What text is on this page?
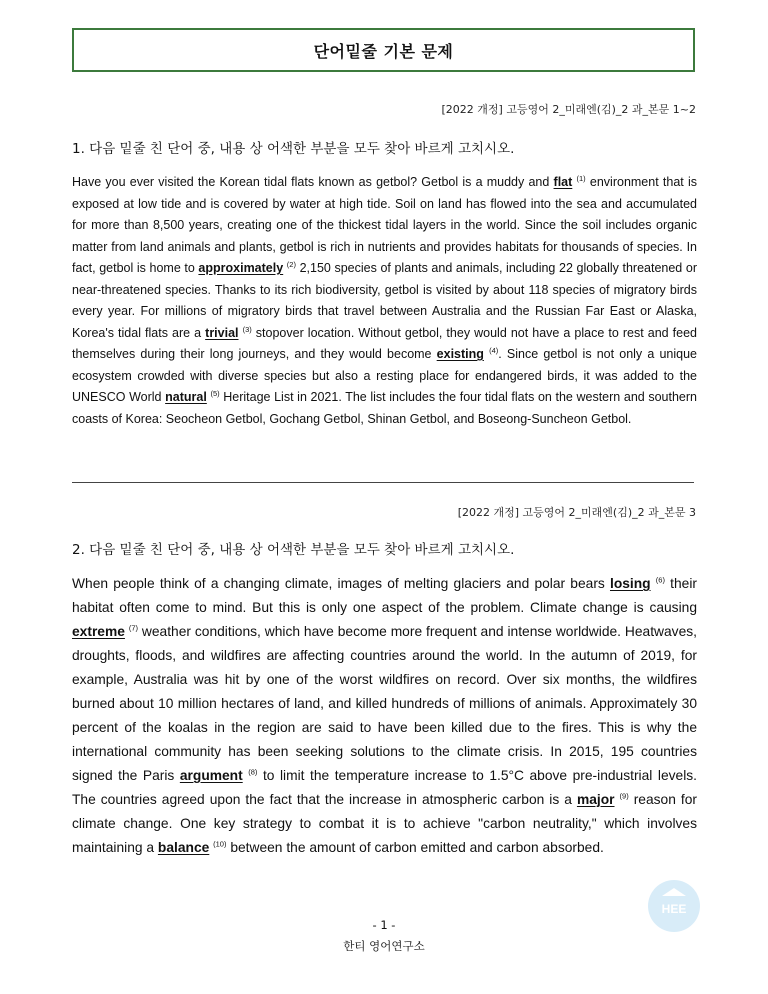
단어밑줄 기본 문제
[2022 개정] 고등영어 2_미래엔(김)_2 과_본문 1~2
1. 다음 밑줄 친 단어 중, 내용 상 어색한 부분을 모두 찾아 바르게 고치시오.
Have you ever visited the Korean tidal flats known as getbol? Getbol is a muddy and flat $^{(1)}$ environment that is exposed at low tide and is covered by water at high tide. Soil on land has flowed into the sea and accumulated for more than 8,500 years, creating one of the thickest tidal layers in the world. Since the soil includes organic matter from land animals and plants, getbol is rich in nutrients and provides habitats for thousands of species. In fact, getbol is home to approximately $^{(2)}$ 2,150 species of plants and animals, including 22 globally threatened or near-threatened species. Thanks to its rich biodiversity, getbol is visited by about 118 species of migratory birds every year. For millions of migratory birds that travel between Australia and the Russian Far East or Alaska, Korea's tidal flats are a trivial $^{(3)}$ stopover location. Without getbol, they would not have a place to rest and feed themselves during their long journeys, and they would become existing $^{(4)}$. Since getbol is not only a unique ecosystem crowded with diverse species but also a resting place for endangered birds, it was added to the UNESCO World natural $^{(5)}$ Heritage List in 2021. The list includes the four tidal flats on the western and southern coasts of Korea: Seocheon Getbol, Gochang Getbol, Shinan Getbol, and Boseong-Suncheon Getbol.
[2022 개정] 고등영어 2_미래엔(김)_2 과_본문 3
2. 다음 밑줄 친 단어 중, 내용 상 어색한 부분을 모두 찾아 바르게 고치시오.
When people think of a changing climate, images of melting glaciers and polar bears losing $^{(6)}$ their habitat often come to mind. But this is only one aspect of the problem. Climate change is causing extreme $^{(7)}$ weather conditions, which have become more frequent and intense worldwide. Heatwaves, droughts, floods, and wildfires are affecting countries around the world. In the autumn of 2019, for example, Australia was hit by one of the worst wildfires on record. Over six months, the wildfires burned about 10 million hectares of land, and killed hundreds of millions of animals. Approximately 30 percent of the koalas in the region are said to have been killed due to the fires. This is why the international community has been seeking solutions to the climate crisis. In 2015, 195 countries signed the Paris argument $^{(8)}$ to limit the temperature increase to 1.5°C above pre-industrial levels. The countries agreed upon the fact that the increase in atmospheric carbon is a major $^{(9)}$ reason for climate change. One key strategy to combat it is to achieve "carbon neutrality," which involves maintaining a balance $^{(10)}$ between the amount of carbon emitted and carbon absorbed.
HEE
- 1 -
한티 영어연구소
